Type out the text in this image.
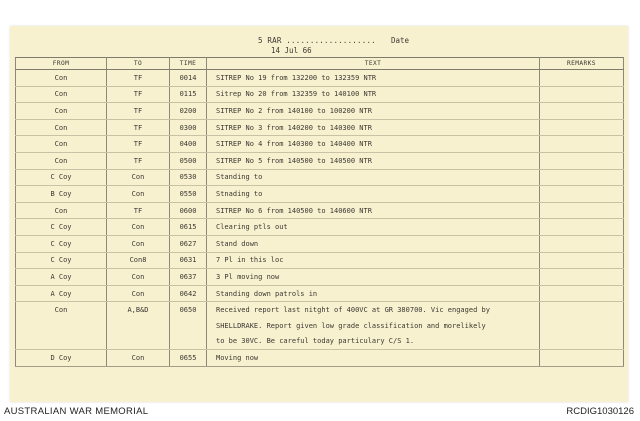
5 RAR ................... Date
14 Jul 66
FROM	TO	TIME	TEXT	REMARKS
Con	TF	0014	SITREP No 19 from 132200 to 132359 NTR	
Con	TF	0115	Sitrep No 20 from 132359 to 140100 NTR	
Con	TF	0200	SITREP No 2 from 140100 to 100200 NTR	
Con	TF	0300	SITREP No 3 from 140200 to 140300 NTR	
Con	TF	0400	SITREP No 4 from 140300 to 140400 NTR	
Con	TF	0500	SITREP No 5 from 140500 to 140500 NTR	
C Coy	Con	0530	Standing to	
B Coy	Con	0550	Stnading to	
Con	TF	0600	SITREP No 6 from 140500 to 140600 NTR	
C Coy	Con	0615	Clearing ptls out	
C Coy	Con	0627	Stand down	
C Coy	Con8	0631	7 Pl in this loc	
A Coy	Con	0637	3 Pl moving now	
A Coy	Con	0642	Standing down patrols in	
Con	A,B&D	0650	Received report last nitght of 400VC at GR 380700. Vic engaged by	
			SHELLDRAKE. Report given low grade classification and morelikely	
			to be 30VC. Be careful today particulary C/S 1.	
D Coy	Con	0655	Moving now	
AUSTRALIAN WAR MEMORIAL	RCDIG1030126
